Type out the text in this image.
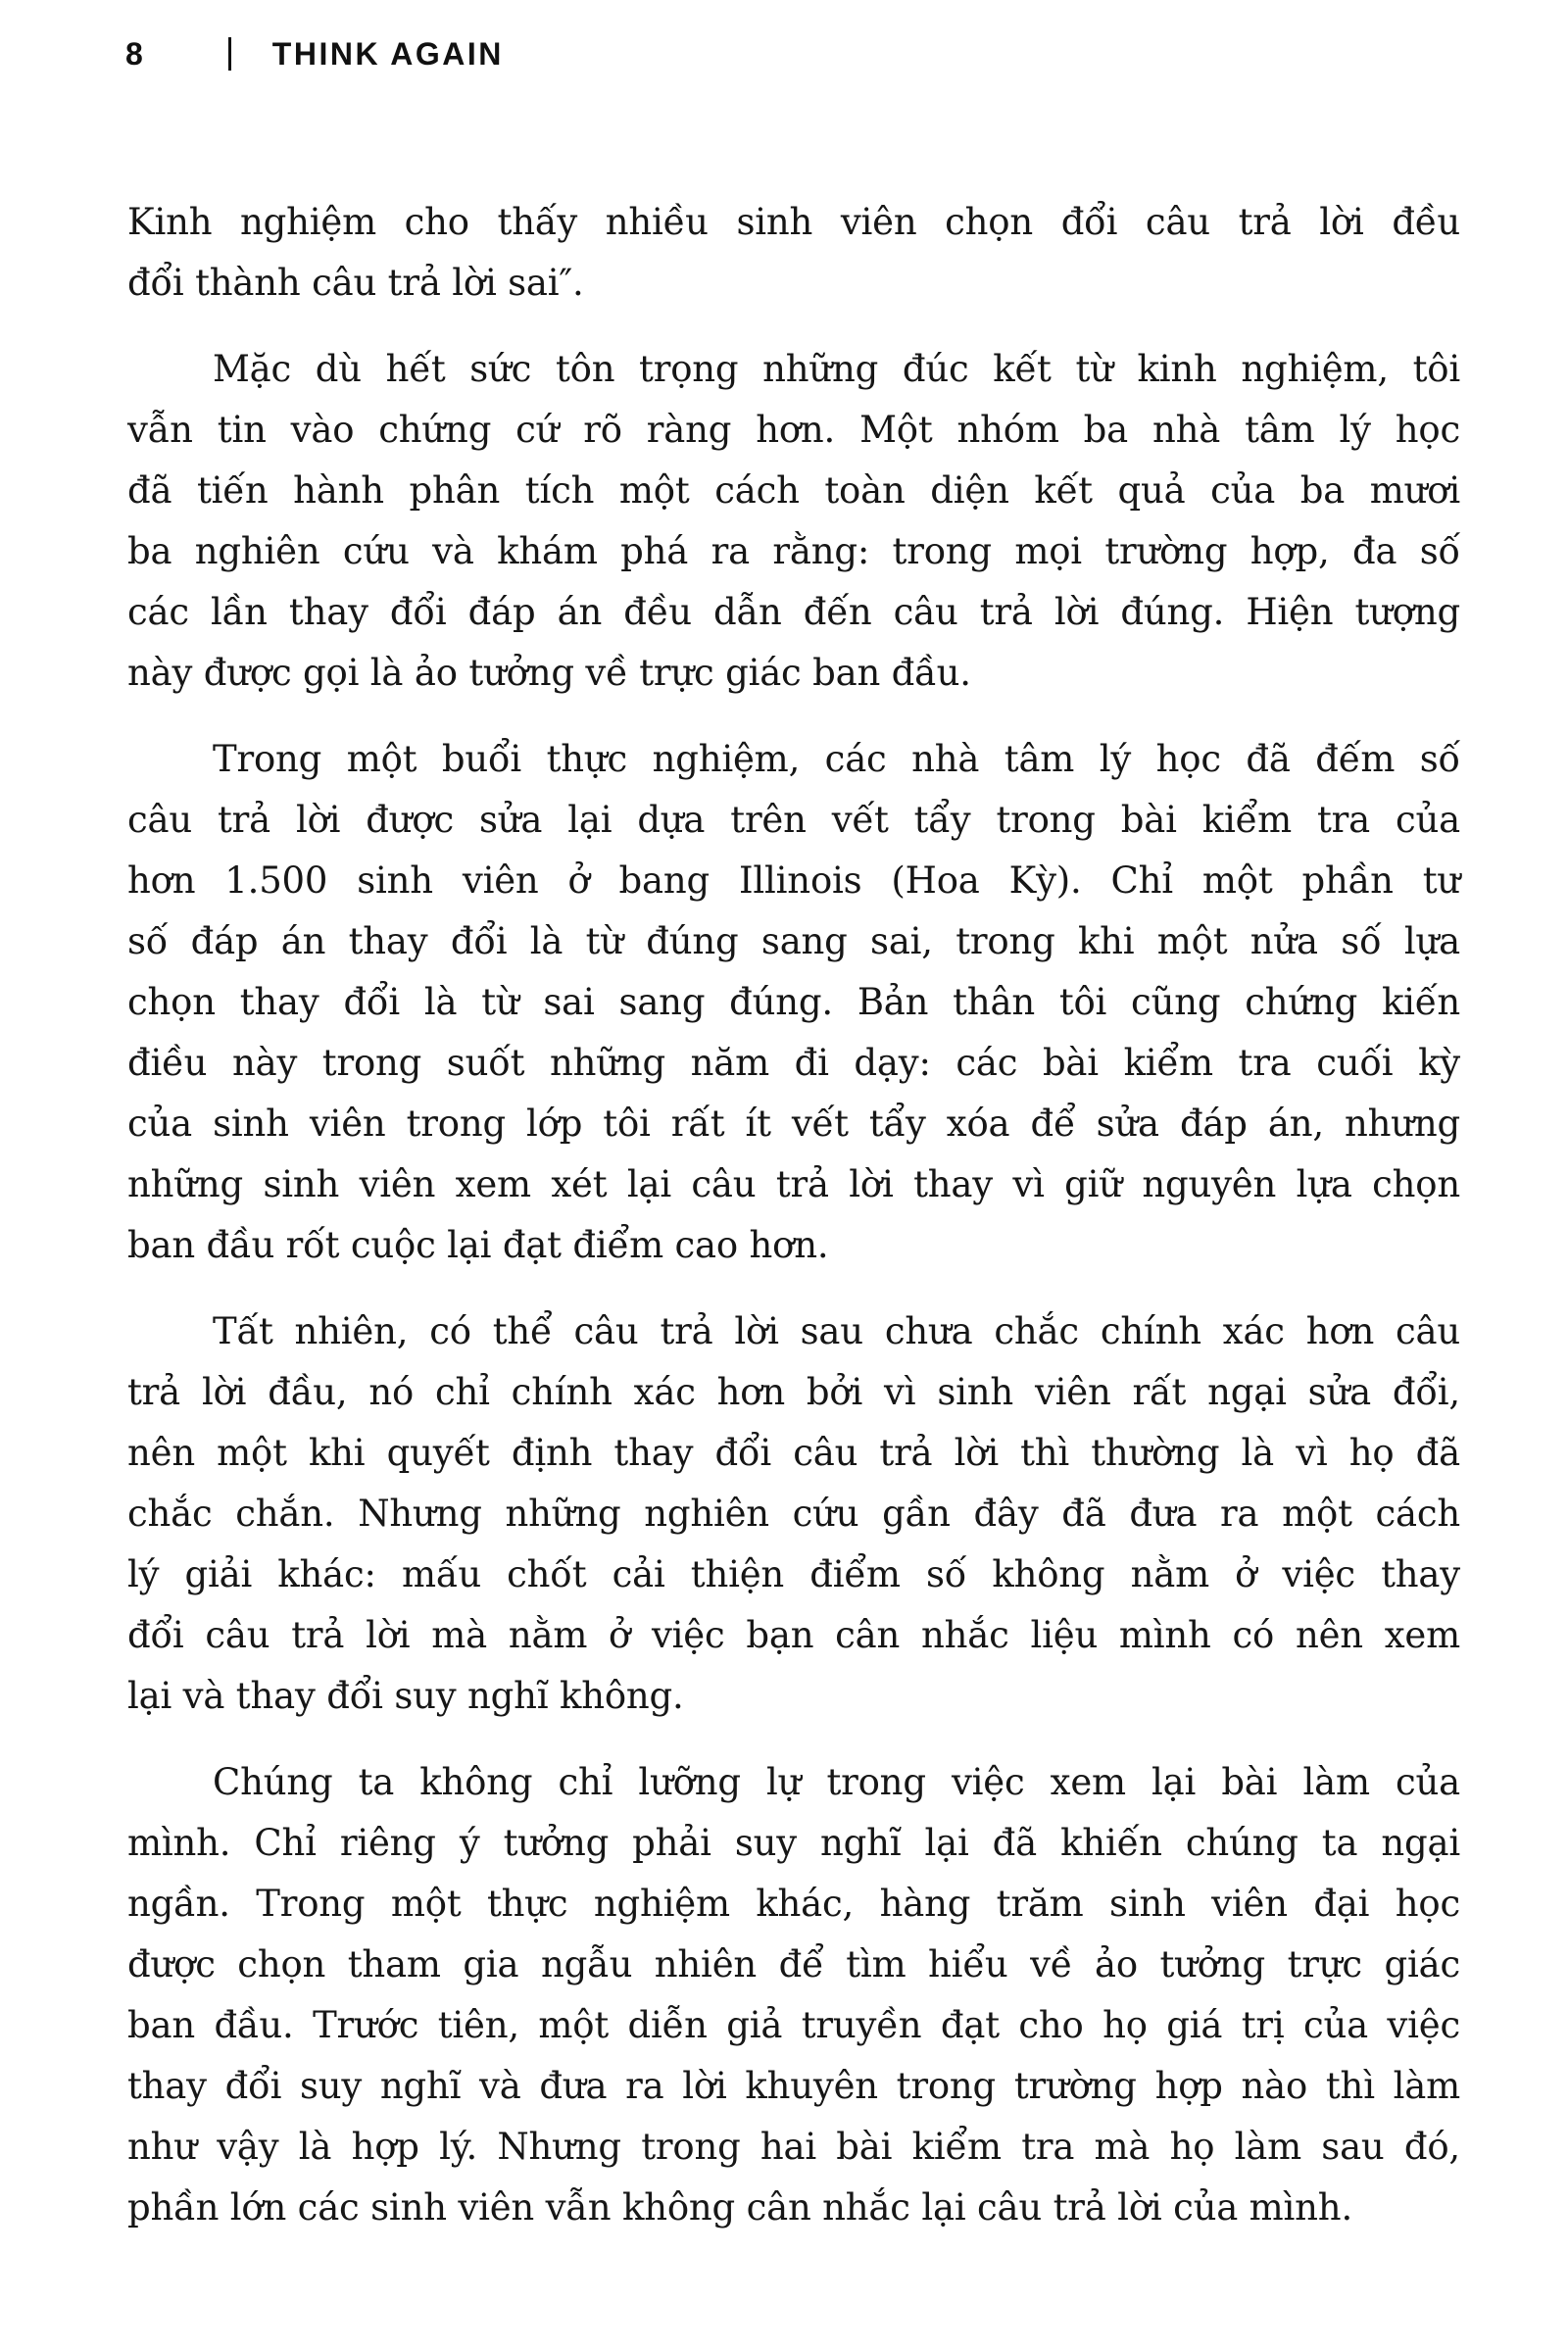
8	THINK AGAIN
Kinh nghiệm cho thấy nhiều sinh viên chọn đổi câu trả lời đều
đổi thành câu trả lời sai″.
Mặc dù hết sức tôn trọng những đúc kết từ kinh nghiệm, tôi
vẫn tin vào chứng cứ rõ ràng hơn. Một nhóm ba nhà tâm lý học
đã tiến hành phân tích một cách toàn diện kết quả của ba mươi
ba nghiên cứu và khám phá ra rằng: trong mọi trường hợp, đa số
các lần thay đổi đáp án đều dẫn đến câu trả lời đúng. Hiện tượng
này được gọi là ảo tưởng về trực giác ban đầu.
Trong một buổi thực nghiệm, các nhà tâm lý học đã đếm số
câu trả lời được sửa lại dựa trên vết tẩy trong bài kiểm tra của
hơn 1.500 sinh viên ở bang Illinois (Hoa Kỳ). Chỉ một phần tư
số đáp án thay đổi là từ đúng sang sai, trong khi một nửa số lựa
chọn thay đổi là từ sai sang đúng. Bản thân tôi cũng chứng kiến
điều này trong suốt những năm đi dạy: các bài kiểm tra cuối kỳ
của sinh viên trong lớp tôi rất ít vết tẩy xóa để sửa đáp án, nhưng
những sinh viên xem xét lại câu trả lời thay vì giữ nguyên lựa chọn
ban đầu rốt cuộc lại đạt điểm cao hơn.
Tất nhiên, có thể câu trả lời sau chưa chắc chính xác hơn câu
trả lời đầu, nó chỉ chính xác hơn bởi vì sinh viên rất ngại sửa đổi,
nên một khi quyết định thay đổi câu trả lời thì thường là vì họ đã
chắc chắn. Nhưng những nghiên cứu gần đây đã đưa ra một cách
lý giải khác: mấu chốt cải thiện điểm số không nằm ở việc thay
đổi câu trả lời mà nằm ở việc bạn cân nhắc liệu mình có nên xem
lại và thay đổi suy nghĩ không.
Chúng ta không chỉ lưỡng lự trong việc xem lại bài làm của
mình. Chỉ riêng ý tưởng phải suy nghĩ lại đã khiến chúng ta ngại
ngần. Trong một thực nghiệm khác, hàng trăm sinh viên đại học
được chọn tham gia ngẫu nhiên để tìm hiểu về ảo tưởng trực giác
ban đầu. Trước tiên, một diễn giả truyền đạt cho họ giá trị của việc
thay đổi suy nghĩ và đưa ra lời khuyên trong trường hợp nào thì làm
như vậy là hợp lý. Nhưng trong hai bài kiểm tra mà họ làm sau đó,
phần lớn các sinh viên vẫn không cân nhắc lại câu trả lời của mình.
